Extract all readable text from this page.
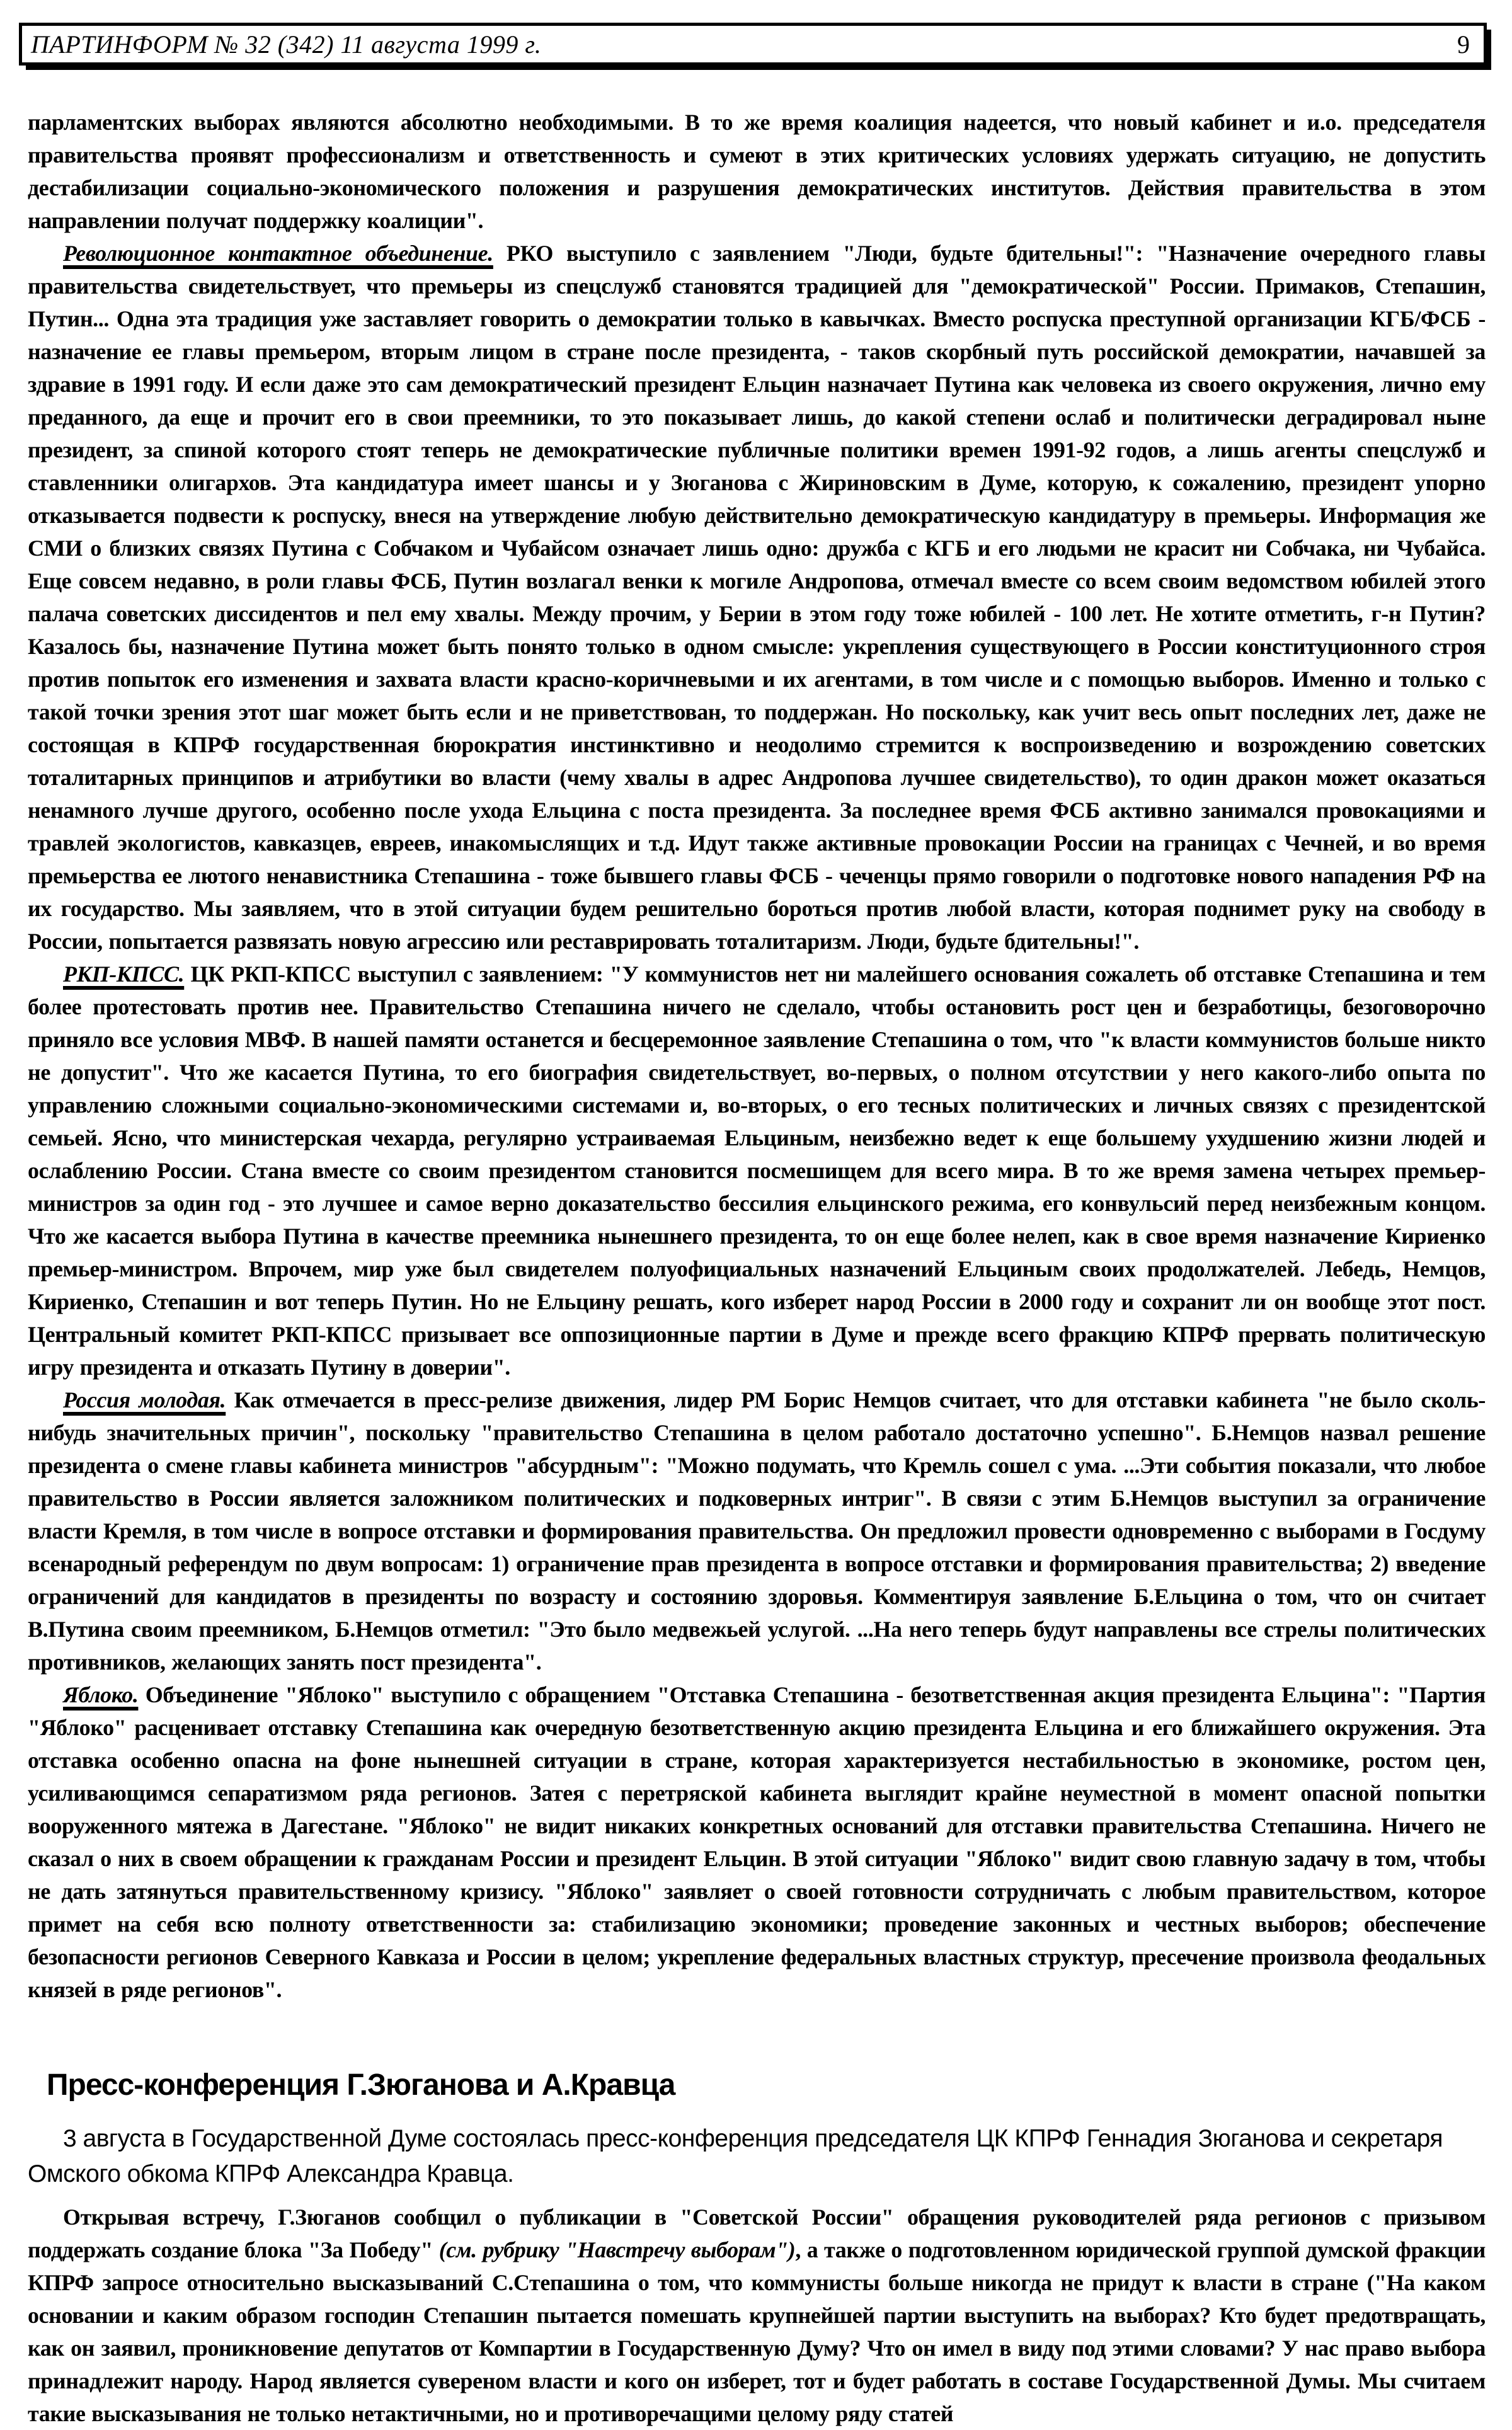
ПАРТИНФОРМ № 32 (342) 11 августа 1999 г.	9

парламентских выборах являются абсолютно необходимыми. В то же время коалиция надеется, что новый кабинет и и.о. председателя правительства проявят профессионализм и ответственность и сумеют в этих критических условиях удержать ситуацию, не допустить дестабилизации социально-экономического положения и разрушения демократических институтов. Действия правительства в этом направлении получат поддержку коалиции".

Революционное контактное объединение. РКО выступило с заявлением "Люди, будьте бдительны!": "Назначение очередного главы правительства свидетельствует, что премьеры из спецслужб становятся традицией для "демократической" России. Примаков, Степашин, Путин... Одна эта традиция уже заставляет говорить о демократии только в кавычках. Вместо роспуска преступной организации КГБ/ФСБ - назначение ее главы премьером, вторым лицом в стране после президента, - таков скорбный путь российской демократии, начавшей за здравие в 1991 году. И если даже это сам демократический президент Ельцин назначает Путина как человека из своего окружения, лично ему преданного, да еще и прочит его в свои преемники, то это показывает лишь, до какой степени ослаб и политически деградировал ныне президент, за спиной которого стоят теперь не демократические публичные политики времен 1991-92 годов, а лишь агенты спецслужб и ставленники олигархов. Эта кандидатура имеет шансы и у Зюганова с Жириновским в Думе, которую, к сожалению, президент упорно отказывается подвести к роспуску, внеся на утверждение любую действительно демократическую кандидатуру в премьеры. Информация же СМИ о близких связях Путина с Собчаком и Чубайсом означает лишь одно: дружба с КГБ и его людьми не красит ни Собчака, ни Чубайса. Еще совсем недавно, в роли главы ФСБ, Путин возлагал венки к могиле Андропова, отмечал вместе со всем своим ведомством юбилей этого палача советских диссидентов и пел ему хвалы. Между прочим, у Берии в этом году тоже юбилей - 100 лет. Не хотите отметить, г-н Путин? Казалось бы, назначение Путина может быть понято только в одном смысле: укрепления существующего в России конституционного строя против попыток его изменения и захвата власти красно-коричневыми и их агентами, в том числе и с помощью выборов. Именно и только с такой точки зрения этот шаг может быть если и не приветствован, то поддержан. Но поскольку, как учит весь опыт последних лет, даже не состоящая в КПРФ государственная бюрократия инстинктивно и неодолимо стремится к воспроизведению и возрождению советских тоталитарных принципов и атрибутики во власти (чему хвалы в адрес Андропова лучшее свидетельство), то один дракон может оказаться ненамного лучше другого, особенно после ухода Ельцина с поста президента. За последнее время ФСБ активно занимался провокациями и травлей экологистов, кавказцев, евреев, инакомыслящих и т.д. Идут также активные провокации России на границах с Чечней, и во время премьерства ее лютого ненавистника Степашина - тоже бывшего главы ФСБ - чеченцы прямо говорили о подготовке нового нападения РФ на их государство. Мы заявляем, что в этой ситуации будем решительно бороться против любой власти, которая поднимет руку на свободу в России, попытается развязать новую агрессию или реставрировать тоталитаризм. Люди, будьте бдительны!".

РКП-КПСС. ЦК РКП-КПСС выступил с заявлением: "У коммунистов нет ни малейшего основания сожалеть об отставке Степашина и тем более протестовать против нее. Правительство Степашина ничего не сделало, чтобы остановить рост цен и безработицы, безоговорочно приняло все условия МВФ. В нашей памяти останется и бесцеремонное заявление Степашина о том, что "к власти коммунистов больше никто не допустит". Что же касается Путина, то его биография свидетельствует, во-первых, о полном отсутствии у него какого-либо опыта по управлению сложными социально-экономическими системами и, во-вторых, о его тесных политических и личных связях с президентской семьей. Ясно, что министерская чехарда, регулярно устраиваемая Ельциным, неизбежно ведет к еще большему ухудшению жизни людей и ослаблению России. Стана вместе со своим президентом становится посмешищем для всего мира. В то же время замена четырех премьер-министров за один год - это лучшее и самое верно доказательство бессилия ельцинского режима, его конвульсий перед неизбежным концом. Что же касается выбора Путина в качестве преемника нынешнего президента, то он еще более нелеп, как в свое время назначение Кириенко премьер-министром. Впрочем, мир уже был свидетелем полуофициальных назначений Ельциным своих продолжателей. Лебедь, Немцов, Кириенко, Степашин и вот теперь Путин. Но не Ельцину решать, кого изберет народ России в 2000 году и сохранит ли он вообще этот пост. Центральный комитет РКП-КПСС призывает все оппозиционные партии в Думе и прежде всего фракцию КПРФ прервать политическую игру президента и отказать Путину в доверии".

Россия молодая. Как отмечается в пресс-релизе движения, лидер РМ Борис Немцов считает, что для отставки кабинета "не было сколь-нибудь значительных причин", поскольку "правительство Степашина в целом работало достаточно успешно". Б.Немцов назвал решение президента о смене главы кабинета министров "абсурдным": "Можно подумать, что Кремль сошел с ума. ...Эти события показали, что любое правительство в России является заложником политических и подковерных интриг". В связи с этим Б.Немцов выступил за ограничение власти Кремля, в том числе в вопросе отставки и формирования правительства. Он предложил провести одновременно с выборами в Госдуму всенародный референдум по двум вопросам: 1) ограничение прав президента в вопросе отставки и формирования правительства; 2) введение ограничений для кандидатов в президенты по возрасту и состоянию здоровья. Комментируя заявление Б.Ельцина о том, что он считает В.Путина своим преемником, Б.Немцов отметил: "Это было медвежьей услугой. ...На него теперь будут направлены все стрелы политических противников, желающих занять пост президента".

Яблоко. Объединение "Яблоко" выступило с обращением "Отставка Степашина - безответственная акция президента Ельцина": "Партия "Яблоко" расценивает отставку Степашина как очередную безответственную акцию президента Ельцина и его ближайшего окружения. Эта отставка особенно опасна на фоне нынешней ситуации в стране, которая характеризуется нестабильностью в экономике, ростом цен, усиливающимся сепаратизмом ряда регионов. Затея с перетряской кабинета выглядит крайне неуместной в момент опасной попытки вооруженного мятежа в Дагестане. "Яблоко" не видит никаких конкретных оснований для отставки правительства Степашина. Ничего не сказал о них в своем обращении к гражданам России и президент Ельцин. В этой ситуации "Яблоко" видит свою главную задачу в том, чтобы не дать затянуться правительственному кризису. "Яблоко" заявляет о своей готовности сотрудничать с любым правительством, которое примет на себя всю полноту ответственности за: стабилизацию экономики; проведение законных и честных выборов; обеспечение безопасности регионов Северного Кавказа и России в целом; укрепление федеральных властных структур, пресечение произвола феодальных князей в ряде регионов".

Пресс-конференция Г.Зюганова и А.Кравца

3 августа в Государственной Думе состоялась пресс-конференция председателя ЦК КПРФ Геннадия Зюганова и секретаря Омского обкома КПРФ Александра Кравца.

Открывая встречу, Г.Зюганов сообщил о публикации в "Советской России" обращения руководителей ряда регионов с призывом поддержать создание блока "За Победу" (см. рубрику "Навстречу выборам"), а также о подготовленном юридической группой думской фракции КПРФ запросе относительно высказываний С.Степашина о том, что коммунисты больше никогда не придут к власти в стране ("На каком основании и каким образом господин Степашин пытается помешать крупнейшей партии выступить на выборах? Кто будет предотвращать, как он заявил, проникновение депутатов от Компартии в Государственную Думу? Что он имел в виду под этими словами? У нас право выбора принадлежит народу. Народ является сувереном власти и кого он изберет, тот и будет работать в составе Государственной Думы. Мы считаем такие высказывания не только нетактичными, но и противоречащими целому ряду статей
